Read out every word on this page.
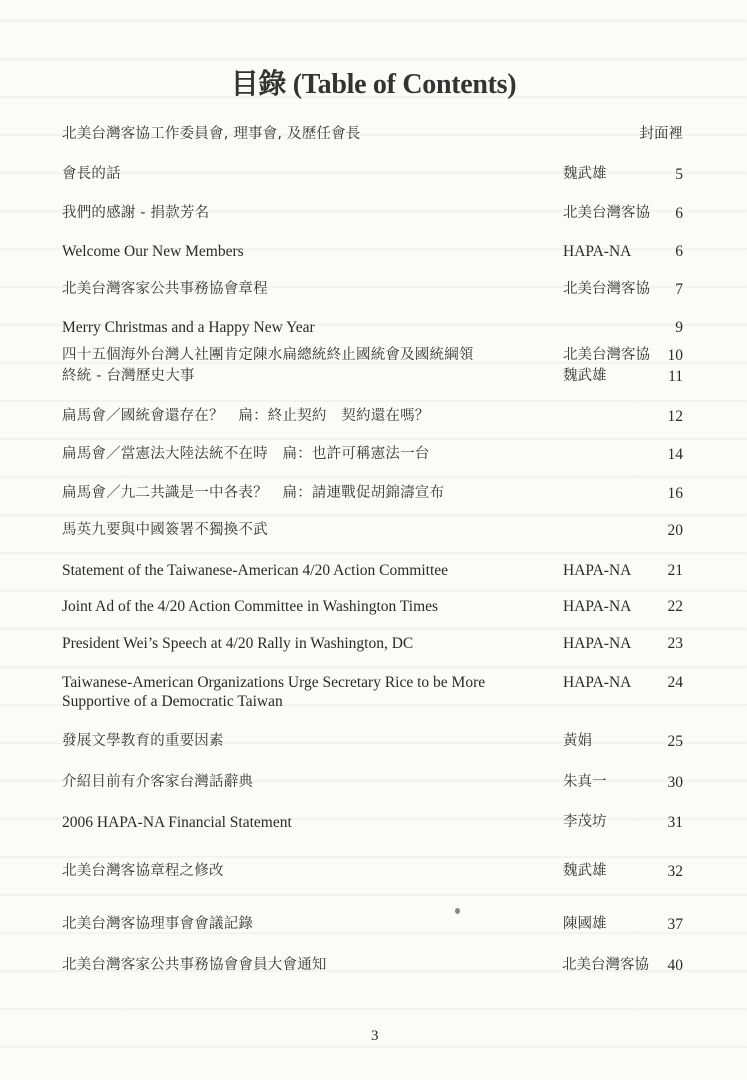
目錄 (Table of Contents)
北美台灣客協工作委員會, 理事會, 及歷任會長	封面裡
會長的話	魏武雄	5
我們的感謝 - 捐款芳名	北美台灣客協 6
Welcome Our New Members	HAPA-NA	6
北美台灣客家公共事務協會章程	北美台灣客協 7
Merry Christmas and a Happy New Year	9
四十五個海外台灣人社團肯定陳水扁總統終止國統會及國統綱領	北美台灣客協 10
終統 - 台灣歷史大事	魏武雄	11
扁馬會／國統會還存在？　扁：終止契約　契約還在嗎？	12
扁馬會／當憲法大陸法統不在時　扁：也許可稱憲法一台	14
扁馬會／九二共識是一中各表？　扁：請連戰促胡錦濤宣布	16
馬英九要與中國簽署不獨換不武	20
Statement of the Taiwanese-American 4/20 Action Committee	HAPA-NA 21
Joint Ad of the 4/20 Action Committee in Washington Times	HAPA-NA 22
President Wei’s Speech at 4/20 Rally in Washington, DC	HAPA-NA 23
Taiwanese-American Organizations Urge Secretary Rice to be More Supportive of a Democratic Taiwan
HAPA-NA 24
發展文學教育的重要因素	黃娟	25
介紹目前有介客家台灣話辭典	朱真一	30
2006 HAPA-NA Financial Statement	李茂坊	31
北美台灣客協章程之修改	魏武雄	32
北美台灣客協理事會會議記錄	陳國雄	37
北美台灣客家公共事務協會會員大會通知	北美台灣客協 40
3
